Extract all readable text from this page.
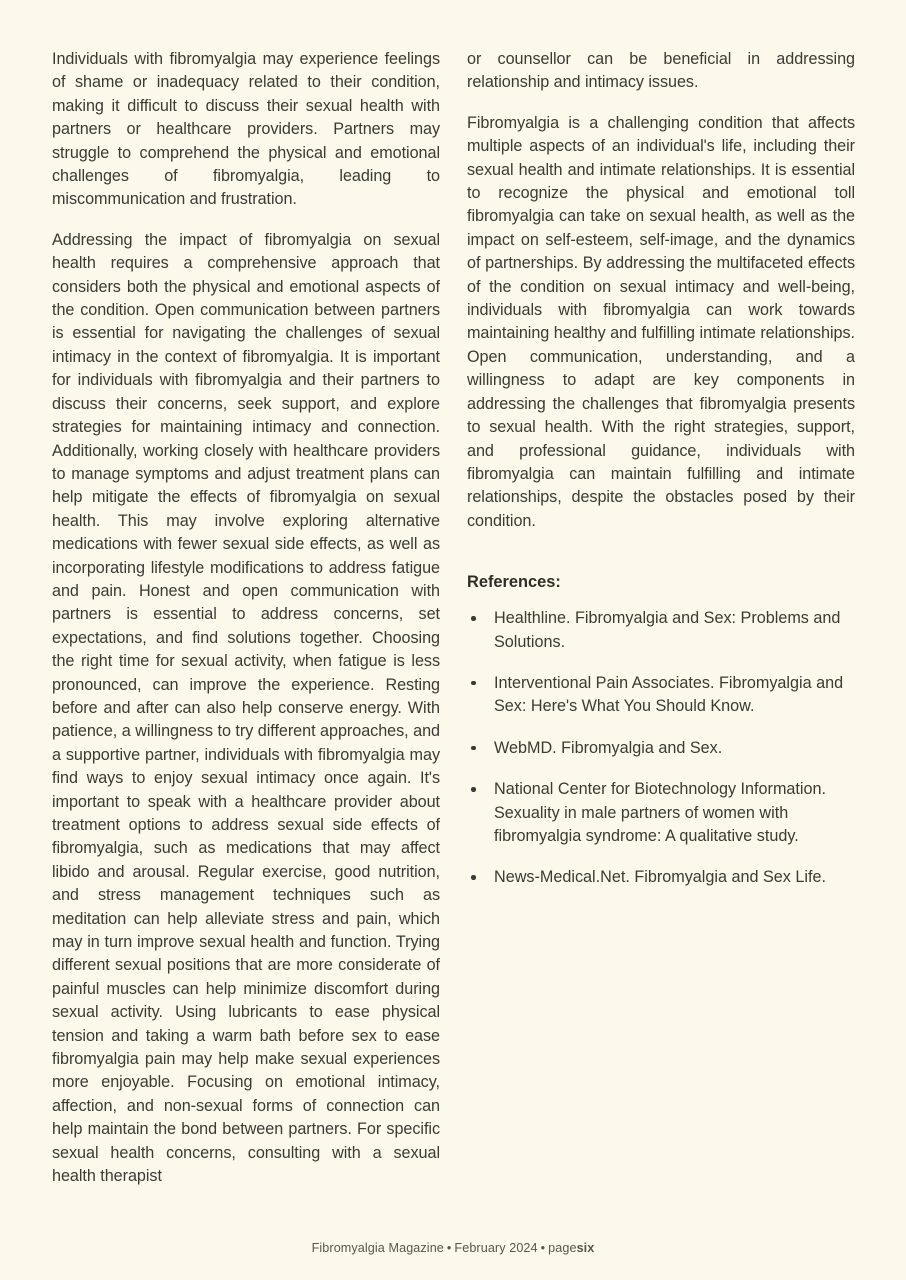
Individuals with fibromyalgia may experience feelings of shame or inadequacy related to their condition, making it difficult to discuss their sexual health with partners or healthcare providers. Partners may struggle to comprehend the physical and emotional challenges of fibromyalgia, leading to miscommunication and frustration.

Addressing the impact of fibromyalgia on sexual health requires a comprehensive approach that considers both the physical and emotional aspects of the condition. Open communication between partners is essential for navigating the challenges of sexual intimacy in the context of fibromyalgia. It is important for individuals with fibromyalgia and their partners to discuss their concerns, seek support, and explore strategies for maintaining intimacy and connection. Additionally, working closely with healthcare providers to manage symptoms and adjust treatment plans can help mitigate the effects of fibromyalgia on sexual health. This may involve exploring alternative medications with fewer sexual side effects, as well as incorporating lifestyle modifications to address fatigue and pain. Honest and open communication with partners is essential to address concerns, set expectations, and find solutions together. Choosing the right time for sexual activity, when fatigue is less pronounced, can improve the experience. Resting before and after can also help conserve energy. With patience, a willingness to try different approaches, and a supportive partner, individuals with fibromyalgia may find ways to enjoy sexual intimacy once again. It's important to speak with a healthcare provider about treatment options to address sexual side effects of fibromyalgia, such as medications that may affect libido and arousal. Regular exercise, good nutrition, and stress management techniques such as meditation can help alleviate stress and pain, which may in turn improve sexual health and function. Trying different sexual positions that are more considerate of painful muscles can help minimize discomfort during sexual activity. Using lubricants to ease physical tension and taking a warm bath before sex to ease fibromyalgia pain may help make sexual experiences more enjoyable. Focusing on emotional intimacy, affection, and non-sexual forms of connection can help maintain the bond between partners. For specific sexual health concerns, consulting with a sexual health therapist

or counsellor can be beneficial in addressing relationship and intimacy issues.

Fibromyalgia is a challenging condition that affects multiple aspects of an individual's life, including their sexual health and intimate relationships. It is essential to recognize the physical and emotional toll fibromyalgia can take on sexual health, as well as the impact on self-esteem, self-image, and the dynamics of partnerships. By addressing the multifaceted effects of the condition on sexual intimacy and well-being, individuals with fibromyalgia can work towards maintaining healthy and fulfilling intimate relationships. Open communication, understanding, and a willingness to adapt are key components in addressing the challenges that fibromyalgia presents to sexual health. With the right strategies, support, and professional guidance, individuals with fibromyalgia can maintain fulfilling and intimate relationships, despite the obstacles posed by their condition.

References:
Healthline. Fibromyalgia and Sex: Problems and Solutions.
Interventional Pain Associates. Fibromyalgia and Sex: Here's What You Should Know.
WebMD. Fibromyalgia and Sex.
National Center for Biotechnology Information. Sexuality in male partners of women with fibromyalgia syndrome: A qualitative study.
News-Medical.Net. Fibromyalgia and Sex Life.
Fibromyalgia Magazine • February 2024 • pagesix
